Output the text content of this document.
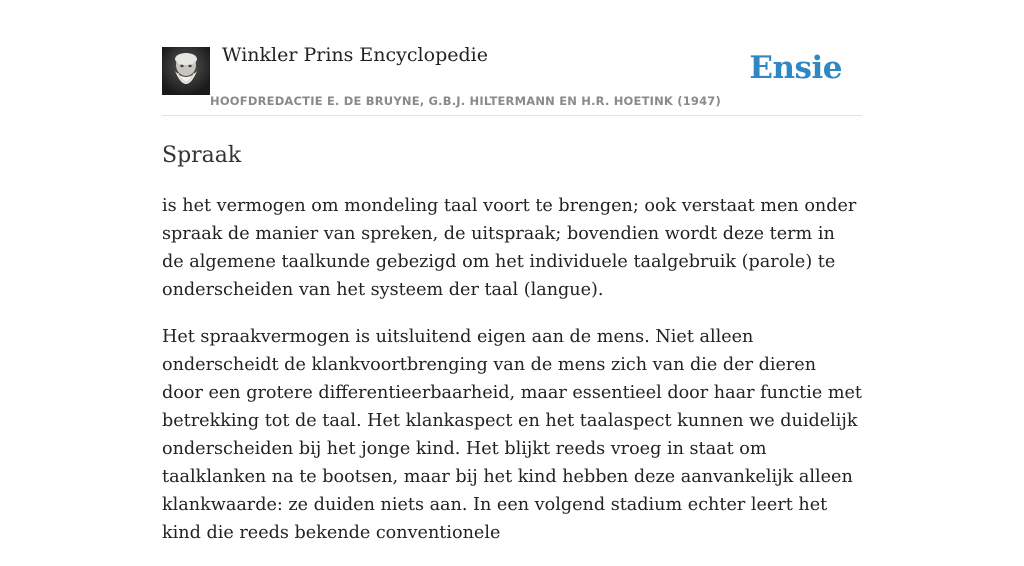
Winkler Prins Encyclopedie
HOOFDREDACTIE E. DE BRUYNE, G.B.J. HILTERMANN EN H.R. HOETINK (1947)
Ensie
Spraak

is het vermogen om mondeling taal voort te brengen; ook verstaat men onder spraak de manier van spreken, de uitspraak; bovendien wordt deze term in de algemene taalkunde gebezigd om het individuele taalgebruik (parole) te onderscheiden van het systeem der taal (langue).

Het spraakvermogen is uitsluitend eigen aan de mens. Niet alleen onderscheidt de klankvoortbrenging van de mens zich van die der dieren door een grotere differentieerbaarheid, maar essentieel door haar functie met betrekking tot de taal. Het klankaspect en het taalaspect kunnen we duidelijk onderscheiden bij het jonge kind. Het blijkt reeds vroeg in staat om taalklanken na te bootsen, maar bij het kind hebben deze aanvankelijk alleen klankwaarde: ze duiden niets aan. In een volgend stadium echter leert het kind die reeds bekende conventionele
